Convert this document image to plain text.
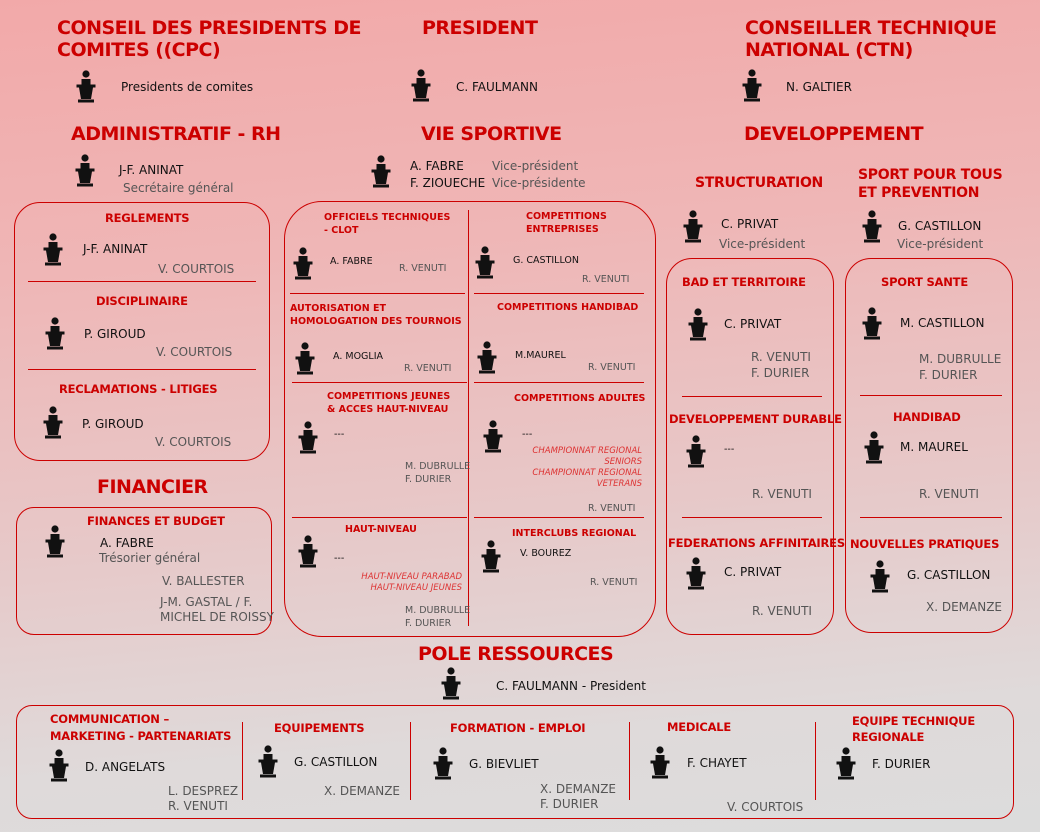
CONSEIL DES PRESIDENTS DE
COMITES ((CPC)
Presidents de comites
PRESIDENT
C. FAULMANN
CONSEILLER TECHNIQUE
NATIONAL (CTN)
N. GALTIER
ADMINISTRATIF - RH
J-F. ANINAT
Secrétaire général
REGLEMENTS
J-F. ANINAT
V. COURTOIS
DISCIPLINAIRE
P. GIROUD
V. COURTOIS
RECLAMATIONS - LITIGES
P. GIROUD
V. COURTOIS
FINANCIER
FINANCES ET BUDGET
A. FABRE
Trésorier général
V. BALLESTER
J-M. GASTAL / F.
MICHEL DE ROISSY
VIE SPORTIVE
A. FABRE Vice-président
F. ZIOUECHE Vice-présidente
OFFICIELS TECHNIQUES
- CLOT
A. FABRE
R. VENUTI
COMPETITIONS
ENTREPRISES
G. CASTILLON
R. VENUTI
AUTORISATION ET
HOMOLOGATION DES TOURNOIS
A. MOGLIA
R. VENUTI
COMPETITIONS HANDIBAD
M.MAUREL
R. VENUTI
COMPETITIONS JEUNES
& ACCES HAUT-NIVEAU
---
M. DUBRULLE
F. DURIER
COMPETITIONS ADULTES
---
CHAMPIONNAT REGIONAL
SENIORS
CHAMPIONNAT REGIONAL
VETERANS
R. VENUTI
HAUT-NIVEAU
---
HAUT-NIVEAU PARABAD
HAUT-NIVEAU JEUNES
M. DUBRULLE
F. DURIER
INTERCLUBS REGIONAL
V. BOUREZ
R. VENUTI
DEVELOPPEMENT
STRUCTURATION
C. PRIVAT
Vice-président
SPORT POUR TOUS
ET PREVENTION
G. CASTILLON
Vice-président
BAD ET TERRITOIRE
C. PRIVAT
R. VENUTI
F. DURIER
DEVELOPPEMENT DURABLE
---
R. VENUTI
FEDERATIONS AFFINITAIRES
C. PRIVAT
R. VENUTI
SPORT SANTE
M. CASTILLON
M. DUBRULLE
F. DURIER
HANDIBAD
M. MAUREL
R. VENUTI
NOUVELLES PRATIQUES
G. CASTILLON
X. DEMANZE
POLE RESSOURCES
C. FAULMANN - President
COMMUNICATION –
MARKETING - PARTENARIATS
D. ANGELATS
L. DESPREZ
R. VENUTI
EQUIPEMENTS
G. CASTILLON
X. DEMANZE
FORMATION - EMPLOI
G. BIEVLIET
X. DEMANZE
F. DURIER
MEDICALE
F. CHAYET
V. COURTOIS
EQUIPE TECHNIQUE
REGIONALE
F. DURIER
